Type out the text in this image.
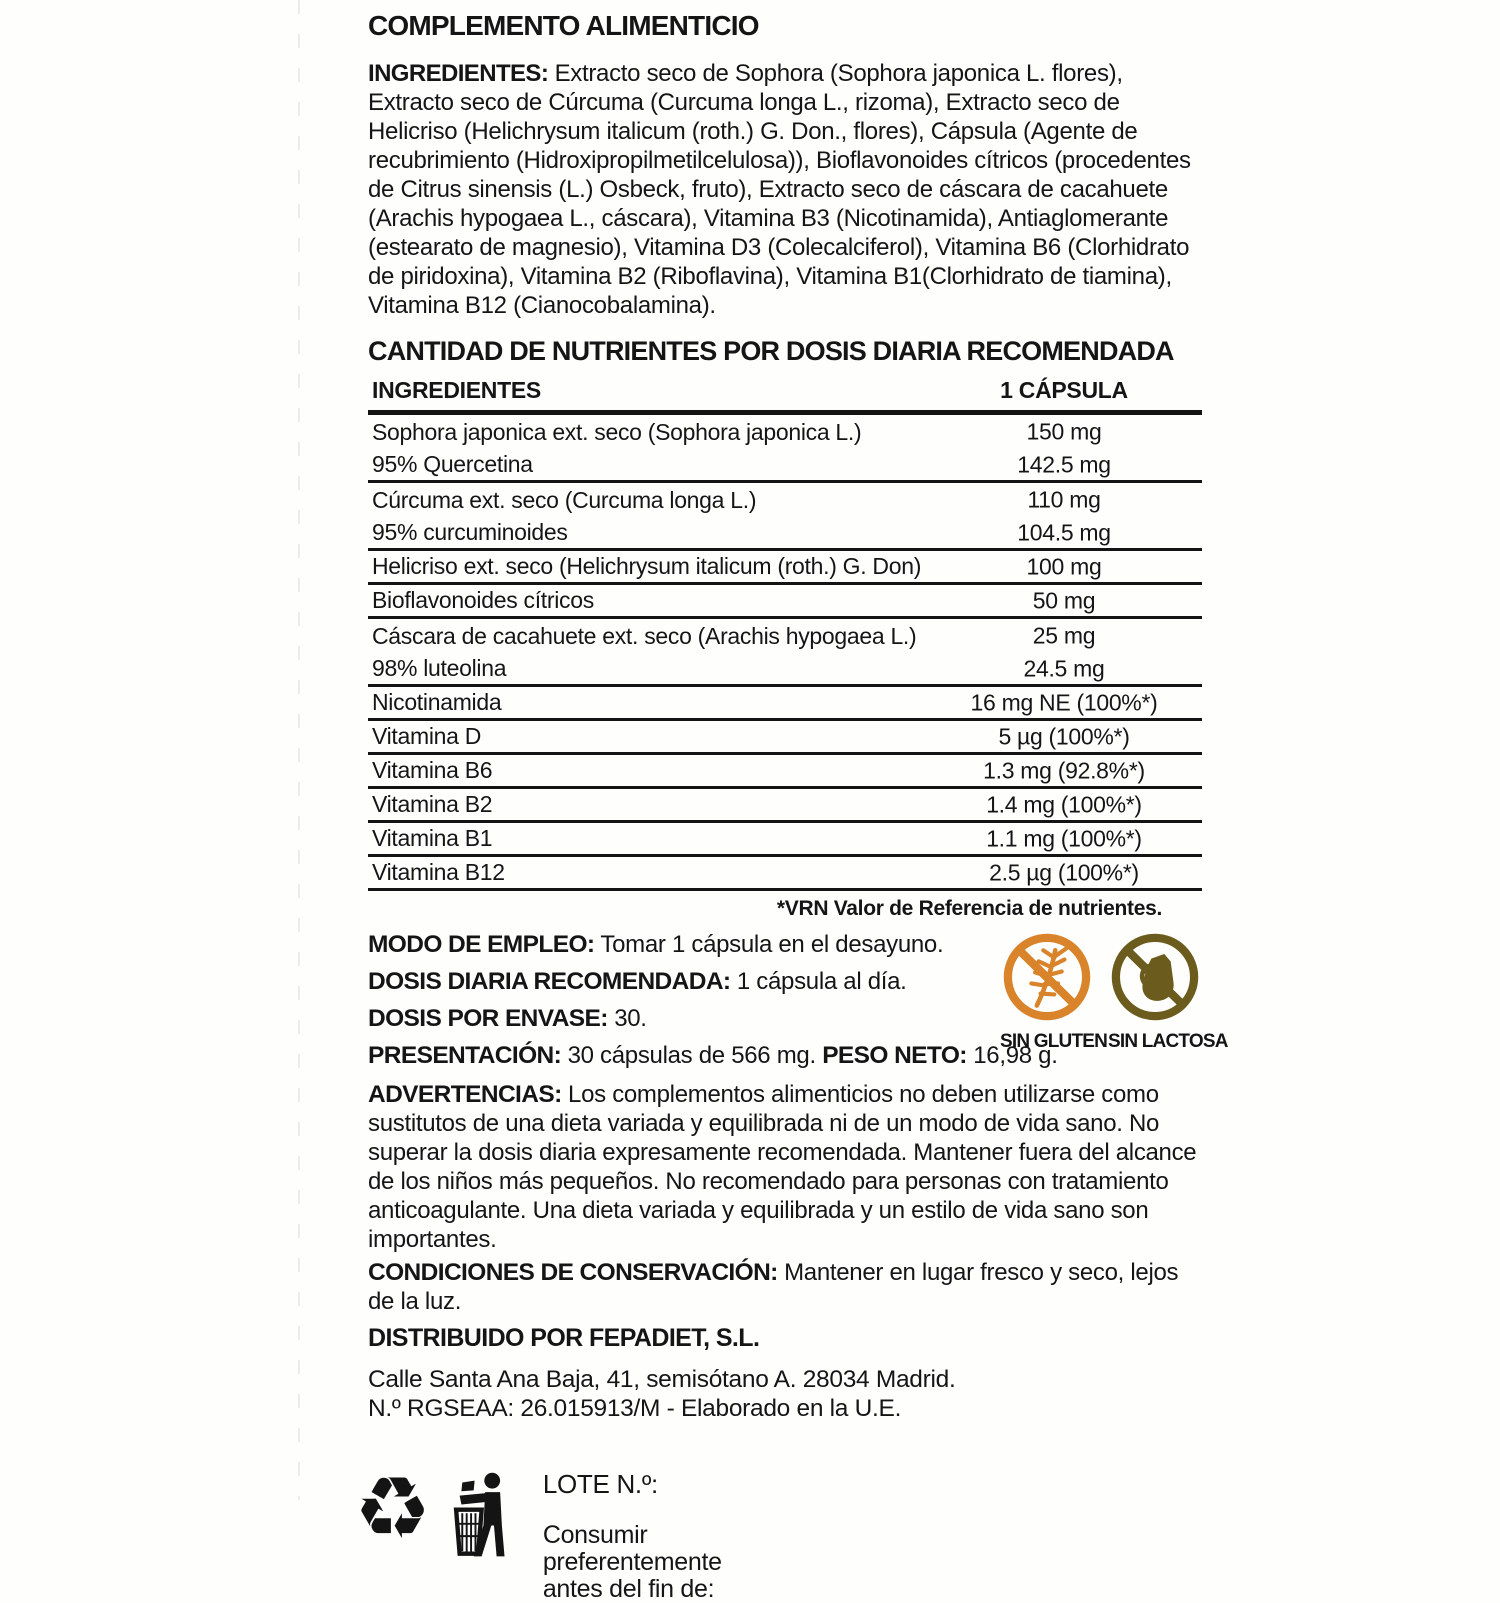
COMPLEMENTO ALIMENTICIO

INGREDIENTES: Extracto seco de Sophora (Sophora japonica L. flores), Extracto seco de Cúrcuma (Curcuma longa L., rizoma), Extracto seco de Helicriso (Helichrysum italicum (roth.) G. Don., flores), Cápsula (Agente de recubrimiento (Hidroxipropilmetilcelulosa)), Bioflavonoides cítricos (procedentes de Citrus sinensis (L.) Osbeck, fruto), Extracto seco de cáscara de cacahuete (Arachis hypogaea L., cáscara), Vitamina B3 (Nicotinamida), Antiaglomerante (estearato de magnesio), Vitamina D3 (Colecalciferol), Vitamina B6 (Clorhidrato de piridoxina), Vitamina B2 (Riboflavina), Vitamina B1(Clorhidrato de tiamina), Vitamina B12 (Cianocobalamina).

CANTIDAD DE NUTRIENTES POR DOSIS DIARIA RECOMENDADA
INGREDIENTES	1 CÁPSULA
Sophora japonica ext. seco (Sophora japonica L.)	150 mg
95% Quercetina	142.5 mg
Cúrcuma ext. seco (Curcuma longa L.)	110 mg
95% curcuminoides	104.5 mg
Helicriso ext. seco (Helichrysum italicum (roth.) G. Don)	100 mg
Bioflavonoides cítricos	50 mg
Cáscara de cacahuete ext. seco (Arachis hypogaea L.)	25 mg
98% luteolina	24.5 mg
Nicotinamida	16 mg NE (100%*)
Vitamina D	5 µg (100%*)
Vitamina B6	1.3 mg (92.8%*)
Vitamina B2	1.4 mg (100%*)
Vitamina B1	1.1 mg (100%*)
Vitamina B12	2.5 µg (100%*)
*VRN Valor de Referencia de nutrientes.
MODO DE EMPLEO: Tomar 1 cápsula en el desayuno.
DOSIS DIARIA RECOMENDADA: 1 cápsula al día.
DOSIS POR ENVASE: 30.
PRESENTACIÓN: 30 cápsulas de 566 mg. PESO NETO: 16,98 g.
SIN GLUTEN SIN LACTOSA

ADVERTENCIAS: Los complementos alimenticios no deben utilizarse como sustitutos de una dieta variada y equilibrada ni de un modo de vida sano. No superar la dosis diaria expresamente recomendada. Mantener fuera del alcance de los niños más pequeños. No recomendado para personas con tratamiento anticoagulante. Una dieta variada y equilibrada y un estilo de vida sano son importantes.

CONDICIONES DE CONSERVACIÓN: Mantener en lugar fresco y seco, lejos de la luz.

DISTRIBUIDO POR FEPADIET, S.L.
Calle Santa Ana Baja, 41, semisótano A. 28034 Madrid.
N.º RGSEAA: 26.015913/M - Elaborado en la U.E.
♻	LOTE N.º:
Consumir
preferentemente
antes del fin de:
